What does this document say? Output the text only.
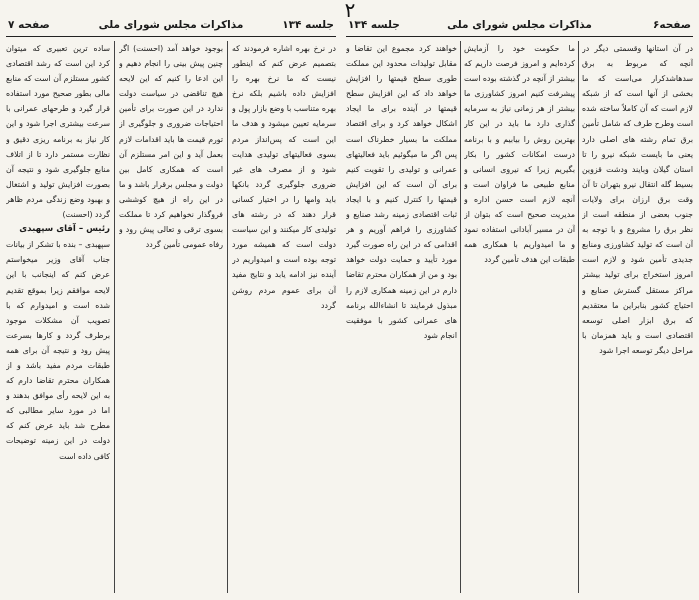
۲
جلسه ۱۳۴
مذاکرات مجلس شورای ملی
صفحه ۷

در نرخ بهره اشاره فرمودند که بتصمیم عرض کنم که اینطور نیست که ما نرخ بهره را افزایش داده باشیم بلکه نرخ بهره متناسب با وضع بازار پول و سرمایه تعیین میشود و هدف ما این است که پس‌انداز مردم بسوی فعالیتهای تولیدی هدایت شود و از مصرف های غیر ضروری جلوگیری گردد بانکها باید وامها را در اختیار کسانی قرار دهند که در رشته های تولیدی کار میکنند و این سیاست دولت است که همیشه مورد توجه بوده است و امیدواریم در آینده نیز ادامه یابد و نتایج مفید آن برای عموم مردم روشن گردد

بوجود خواهد آمد (احسنت) اگر چنین پیش بینی را انجام دهیم و این ادعا را کنیم که این لایحه هیچ تناقضی در سیاست دولت ندارد در این صورت برای تأمین احتیاجات ضروری و جلوگیری از تورم قیمت ها باید اقدامات لازم بعمل آید و این امر مستلزم آن است که همکاری کامل بین دولت و مجلس برقرار باشد و ما در این راه از هیچ کوششی فروگذار نخواهیم کرد تا مملکت بسوی ترقی و تعالی پیش رود و رفاه عمومی تأمین گردد

ساده ترین تعبیری که میتوان کرد این است که رشد اقتصادی کشور مستلزم آن است که منابع مالی بطور صحیح مورد استفاده قرار گیرد و طرحهای عمرانی با سرعت بیشتری اجرا شود و این کار نیاز به برنامه ریزی دقیق و نظارت مستمر دارد تا از اتلاف منابع جلوگیری شود و نتیجه آن بصورت افزایش تولید و اشتغال و بهبود وضع زندگی مردم ظاهر گردد (احسنت)

رئیس – آقای سپهبدی

سپهبدی – بنده با تشکر از بیانات جناب آقای وزیر میخواستم عرض کنم که اینجانب با این لایحه موافقم زیرا بموقع تقدیم شده است و امیدوارم که با تصویب آن مشکلات موجود برطرف گردد و کارها بسرعت پیش رود و نتیجه آن برای همه طبقات مردم مفید باشد و از همکاران محترم تقاضا دارم که به این لایحه رأی موافق بدهند و اما در مورد سایر مطالبی که مطرح شد باید عرض کنم که دولت در این زمینه توضیحات کافی داده است

صفحه۶
مذاکرات مجلس شورای ملی
جلسه ۱۳۴

در آن استانها وقسمتی دیگر در آنچه که مربوط به برق سدهاشدکرار می‌است که ما بخشی از آنها است که از شبکه لازم است که آن کاملاً ساخته شده است وطرح طرف که شامل تأمین برق تمام رشته های اصلی دارد یعنی ما بایست شبکه نیرو را تا استان گیلان وبایند ودشت قزوین بسیط گله انتقال نیرو بتهران تا آن وقت برق ارزان برای ولایات جنوب بعضی از منطقه است از نظر برق را مشروع و با توجه به آن است که تولید کشاورزی ومنابع جدیدی تأمین شود و لازم است امروز استخراج برای تولید بیشتر مراکز مستقل گسترش صنایع و احتیاج کشور بنابراین ما معتقدیم که برق ابزار اصلی توسعه اقتصادی است و باید همزمان با مراحل دیگر توسعه اجرا شود

ما حکومت خود را آزمایش کرده‌ایم و امروز فرصت داریم که بیشتر از آنچه در گذشته بوده است پیشرفت کنیم امروز کشاورزی ما بیشتر از هر زمانی نیاز به سرمایه گذاری دارد ما باید در این کار بهترین روش را بیابیم و با برنامه درست امکانات کشور را بکار بگیریم زیرا که نیروی انسانی و منابع طبیعی ما فراوان است و آنچه لازم است حسن اداره و مدیریت صحیح است که بتوان از آن در مسیر آبادانی استفاده نمود و ما امیدواریم با همکاری همه طبقات این هدف تأمین گردد

خواهند کرد مجموع این تقاضا و مقابل تولیدات محدود این مملکت طوری سطح قیمتها را افزایش خواهد داد که این افزایش سطح قیمتها در آینده برای ما ایجاد اشکال خواهد کرد و برای اقتصاد مملکت ما بسیار خطرناک است پس اگر ما میگوئیم باید فعالیتهای عمرانی و تولیدی را تقویت کنیم برای آن است که این افزایش قیمتها را کنترل کنیم و با ایجاد ثبات اقتصادی زمینه رشد صنایع و کشاورزی را فراهم آوریم و هر اقدامی که در این راه صورت گیرد مورد تأیید و حمایت دولت خواهد بود و من از همکاران محترم تقاضا دارم در این زمینه همکاری لازم را مبذول فرمایند تا انشاءالله برنامه های عمرانی کشور با موفقیت انجام شود
